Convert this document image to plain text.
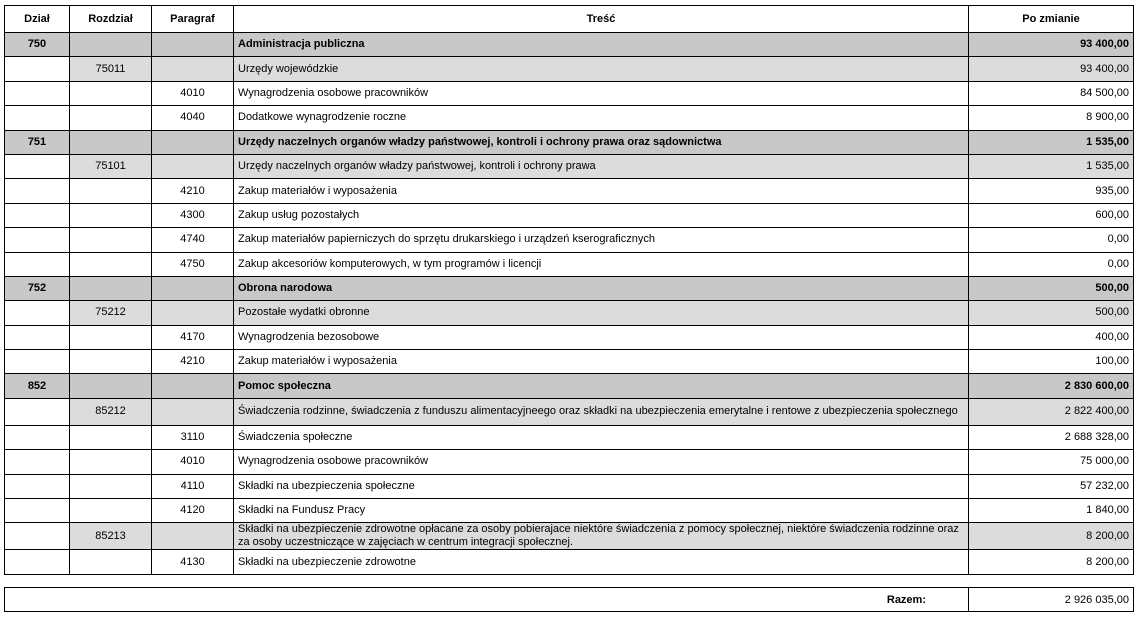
Dział	Rozdział	Paragraf	Treść	Po zmianie
750			Administracja publiczna	93 400,00
	75011		Urzędy wojewódzkie	93 400,00
		4010	Wynagrodzenia osobowe pracowników	84 500,00
		4040	Dodatkowe wynagrodzenie roczne	8 900,00
751			Urzędy naczelnych organów władzy państwowej, kontroli i ochrony prawa oraz sądownictwa	1 535,00
	75101		Urzędy naczelnych organów władzy państwowej, kontroli i ochrony prawa	1 535,00
		4210	Zakup materiałów i wyposażenia	935,00
		4300	Zakup usług pozostałych	600,00
		4740	Zakup materiałów papierniczych do sprzętu drukarskiego i urządzeń kserograficznych	0,00
		4750	Zakup akcesoriów komputerowych, w tym programów i licencji	0,00
752			Obrona narodowa	500,00
	75212		Pozostałe wydatki obronne	500,00
		4170	Wynagrodzenia bezosobowe	400,00
		4210	Zakup materiałów i wyposażenia	100,00
852			Pomoc społeczna	2 830 600,00
	85212		Świadczenia rodzinne, świadczenia z funduszu alimentacyjneego oraz składki na ubezpieczenia emerytalne i rentowe z ubezpieczenia społecznego	2 822 400,00
		3110	Świadczenia społeczne	2 688 328,00
		4010	Wynagrodzenia osobowe pracowników	75 000,00
		4110	Składki na ubezpieczenia społeczne	57 232,00
		4120	Składki na Fundusz Pracy	1 840,00
	85213		Składki na ubezpieczenie zdrowotne opłacane za osoby pobierajace niektóre świadczenia z pomocy społecznej, niektóre świadczenia rodzinne oraz za osoby uczestniczące w zajęciach w centrum integracji społecznej.	8 200,00
		4130	Składki na ubezpieczenie zdrowotne	8 200,00
Razem:	2 926 035,00
